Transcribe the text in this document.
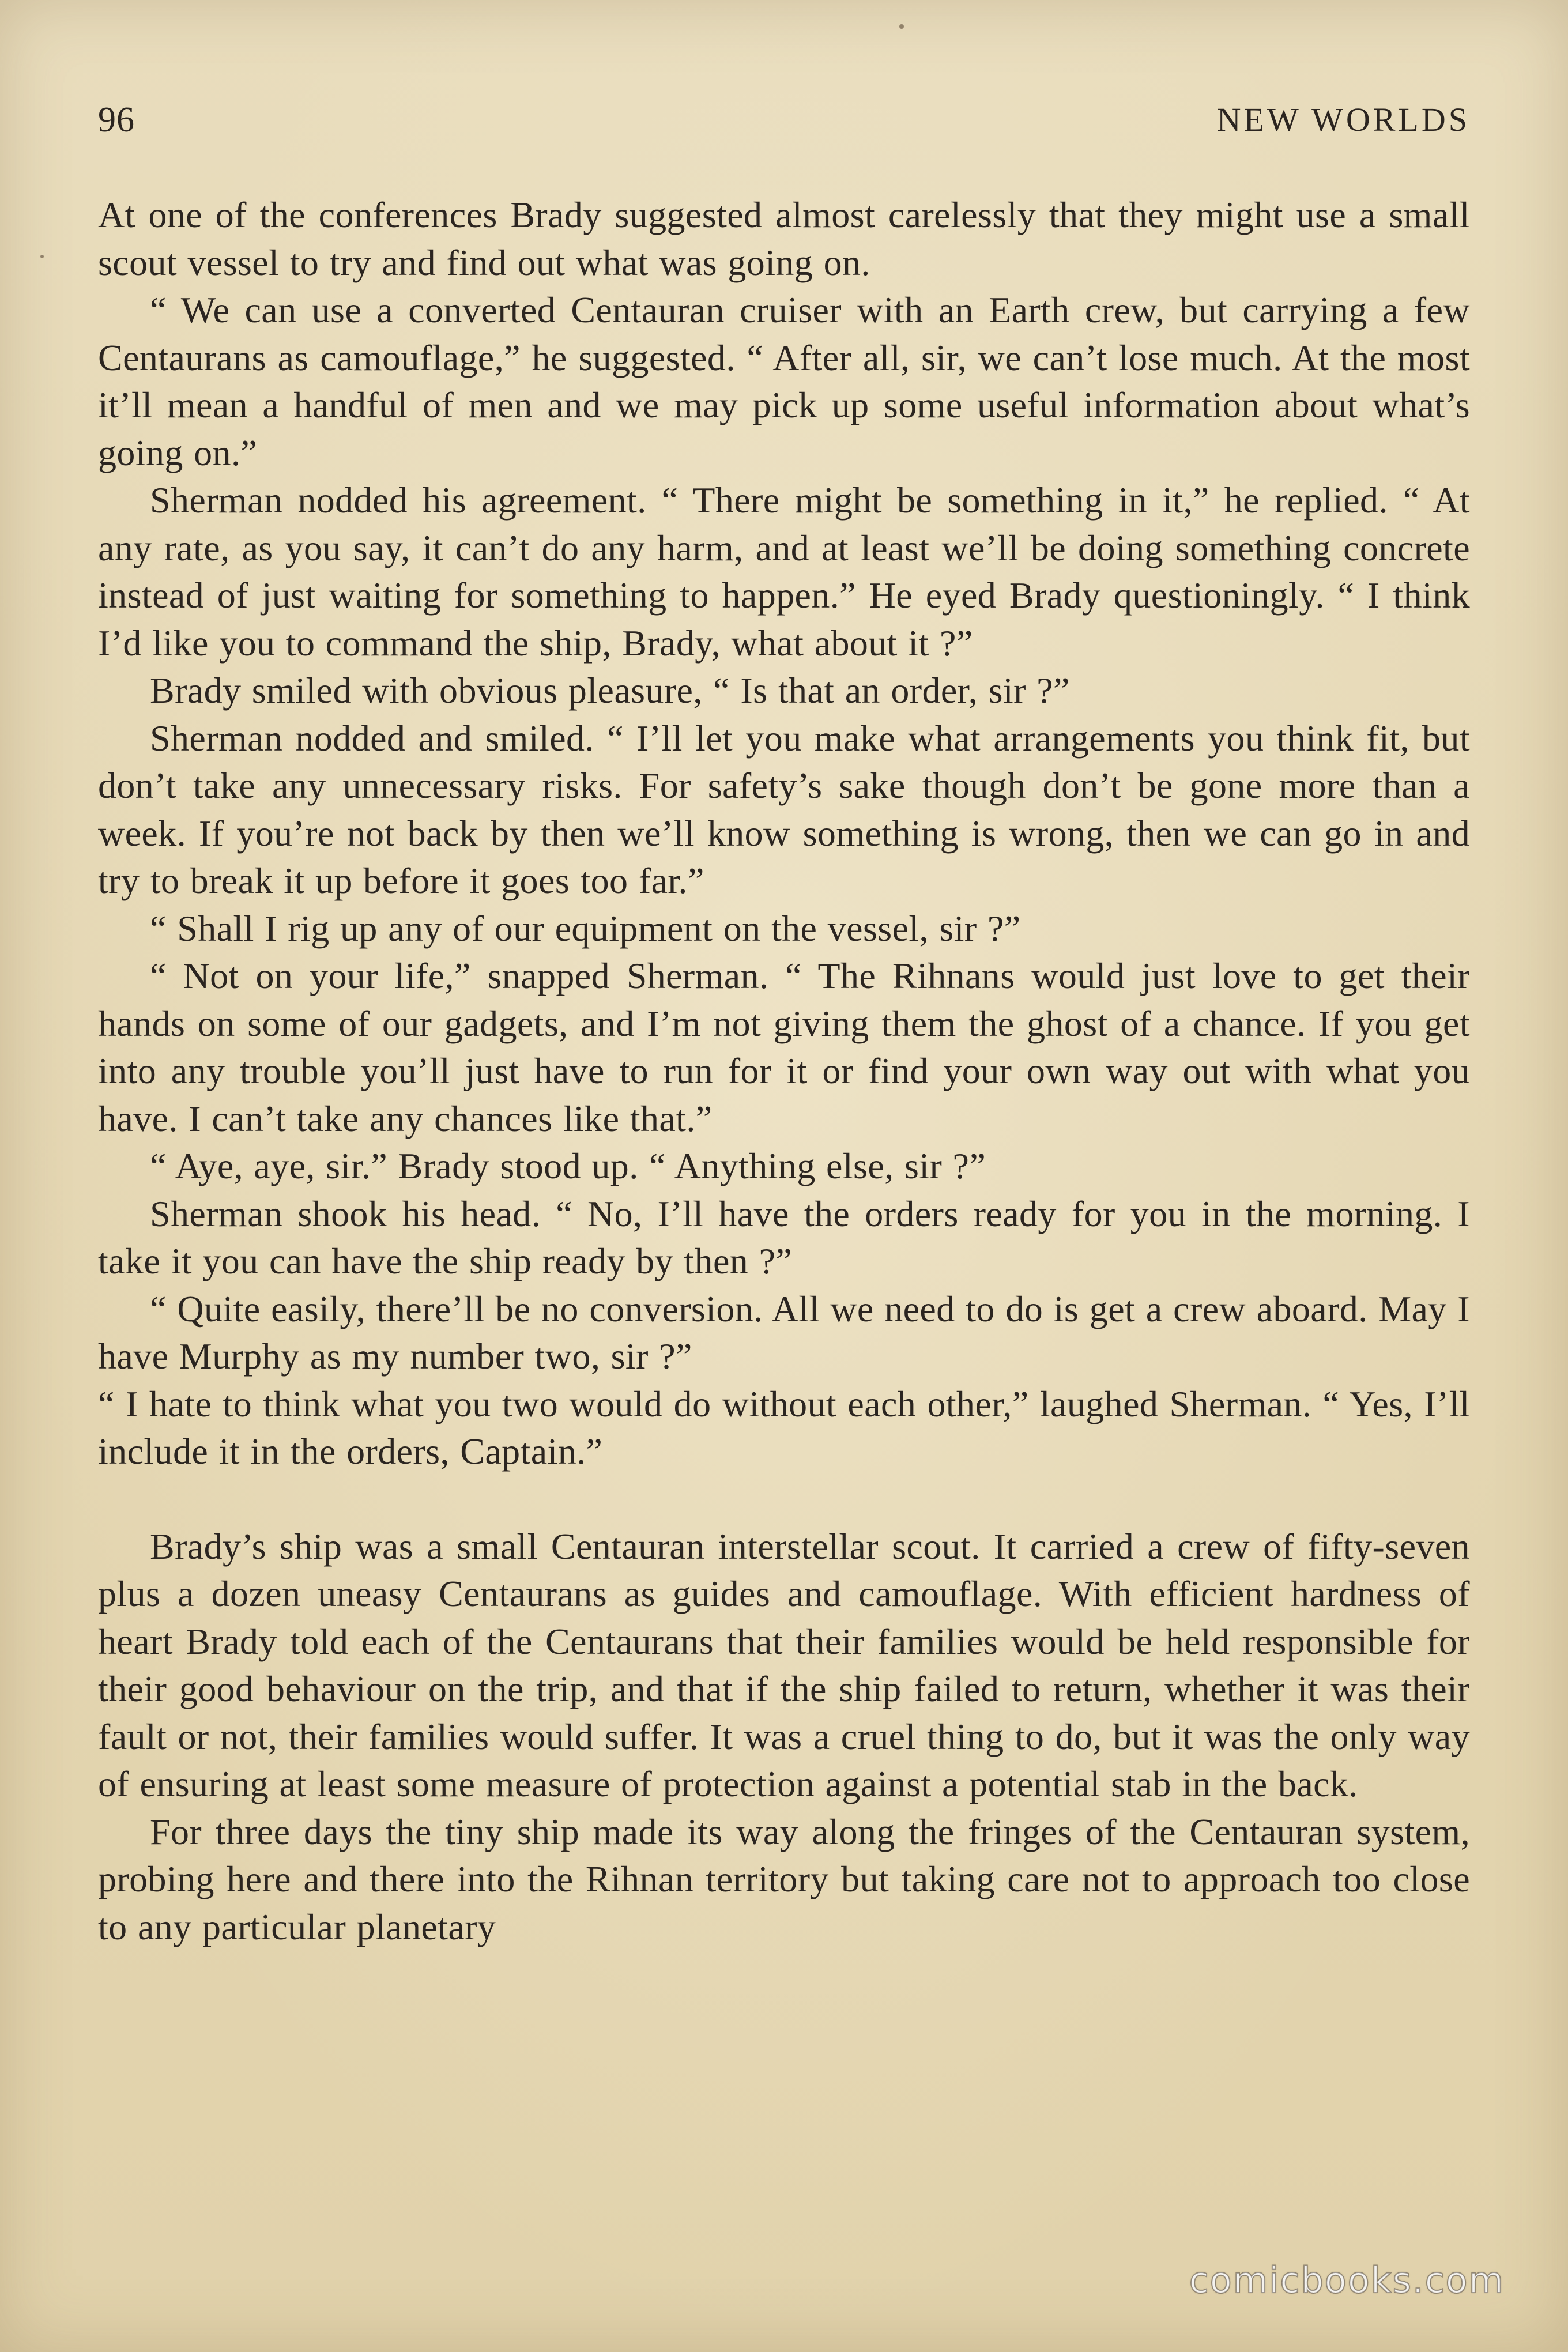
96	NEW WORLDS

At one of the conferences Brady suggested almost carelessly that they might use a small scout vessel to try and find out what was going on.

“ We can use a converted Centauran cruiser with an Earth crew, but carrying a few Centaurans as camouflage,” he suggested. “ After all, sir, we can’t lose much. At the most it’ll mean a handful of men and we may pick up some useful information about what’s going on.”

Sherman nodded his agreement. “ There might be something in it,” he replied. “ At any rate, as you say, it can’t do any harm, and at least we’ll be doing something concrete instead of just waiting for something to happen.” He eyed Brady questioningly. “ I think I’d like you to command the ship, Brady, what about it ?”

Brady smiled with obvious pleasure, “ Is that an order, sir ?”

Sherman nodded and smiled. “ I’ll let you make what arrangements you think fit, but don’t take any unnecessary risks. For safety’s sake though don’t be gone more than a week. If you’re not back by then we’ll know something is wrong, then we can go in and try to break it up before it goes too far.”

“ Shall I rig up any of our equipment on the vessel, sir ?”

“ Not on your life,” snapped Sherman. “ The Rihnans would just love to get their hands on some of our gadgets, and I’m not giving them the ghost of a chance. If you get into any trouble you’ll just have to run for it or find your own way out with what you have. I can’t take any chances like that.”

“ Aye, aye, sir.” Brady stood up. “ Anything else, sir ?”

Sherman shook his head. “ No, I’ll have the orders ready for you in the morning. I take it you can have the ship ready by then ?”

“ Quite easily, there’ll be no conversion. All we need to do is get a crew aboard. May I have Murphy as my number two, sir ?”

“ I hate to think what you two would do without each other,” laughed Sherman. “ Yes, I’ll include it in the orders, Captain.”

Brady’s ship was a small Centauran interstellar scout. It carried a crew of fifty-seven plus a dozen uneasy Centaurans as guides and camouflage. With efficient hardness of heart Brady told each of the Centaurans that their families would be held responsible for their good behaviour on the trip, and that if the ship failed to return, whether it was their fault or not, their families would suffer. It was a cruel thing to do, but it was the only way of ensuring at least some measure of protection against a potential stab in the back.

For three days the tiny ship made its way along the fringes of the Centauran system, probing here and there into the Rihnan territory but taking care not to approach too close to any particular planetary

comicbooks.com
